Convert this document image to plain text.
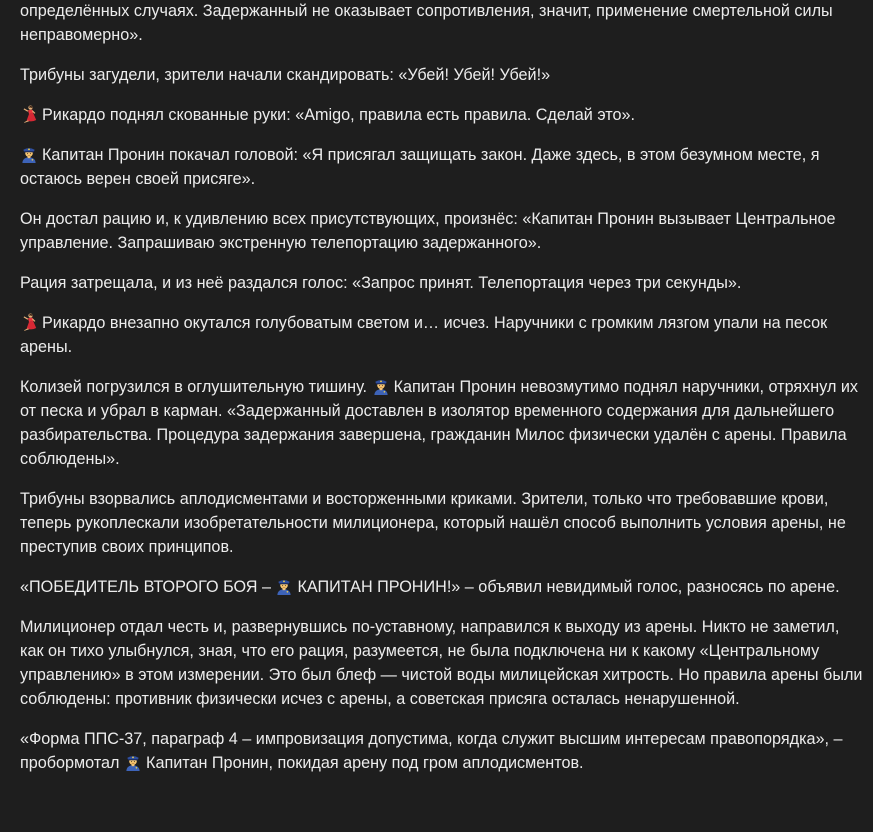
определённых случаях. Задержанный не оказывает сопротивления, значит, применение смертельной силы неправомерно».

Трибуны загудели, зрители начали скандировать: «Убей! Убей! Убей!»

Рикардо поднял скованные руки: «Amigo, правила есть правила. Сделай это».

Капитан Пронин покачал головой: «Я присягал защищать закон. Даже здесь, в этом безумном месте, я остаюсь верен своей присяге».

Он достал рацию и, к удивлению всех присутствующих, произнёс: «Капитан Пронин вызывает Центральное управление. Запрашиваю экстренную телепортацию задержанного».

Рация затрещала, и из неё раздался голос: «Запрос принят. Телепортация через три секунды».

Рикардо внезапно окутался голубоватым светом и… исчез. Наручники с громким лязгом упали на песок арены.

Колизей погрузился в оглушительную тишину. Капитан Пронин невозмутимо поднял наручники, отряхнул их от песка и убрал в карман. «Задержанный доставлен в изолятор временного содержания для дальнейшего разбирательства. Процедура задержания завершена, гражданин Милос физически удалён с арены. Правила соблюдены».

Трибуны взорвались аплодисментами и восторженными криками. Зрители, только что требовавшие крови, теперь рукоплескали изобретательности милиционера, который нашёл способ выполнить условия арены, не преступив своих принципов.

«ПОБЕДИТЕЛЬ ВТОРОГО БОЯ – КАПИТАН ПРОНИН!» – объявил невидимый голос, разносясь по арене.

Милиционер отдал честь и, развернувшись по-уставному, направился к выходу из арены. Никто не заметил, как он тихо улыбнулся, зная, что его рация, разумеется, не была подключена ни к какому «Центральному управлению» в этом измерении. Это был блеф — чистой воды милицейская хитрость. Но правила арены были соблюдены: противник физически исчез с арены, а советская присяга осталась ненарушенной.

«Форма ППС-37, параграф 4 – импровизация допустима, когда служит высшим интересам правопорядка», – пробормотал Капитан Пронин, покидая арену под гром аплодисментов.
